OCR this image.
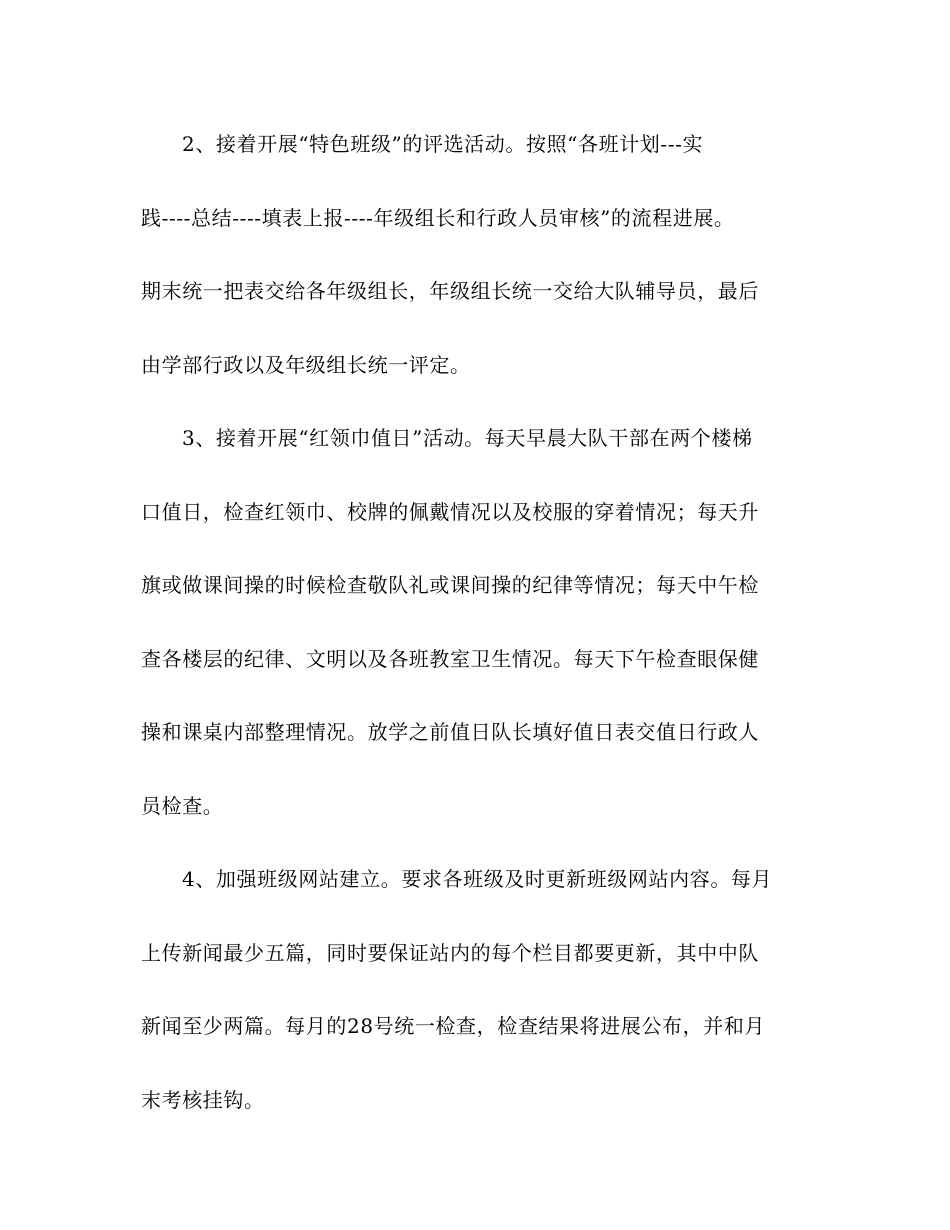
2、接着开展“特色班级”的评选活动。按照“各班计划---实
践----总结----填表上报----年级组长和行政人员审核”的流程进展。
期末统一把表交给各年级组长，年级组长统一交给大队辅导员，最后
由学部行政以及年级组长统一评定。
3、接着开展“红领巾值日”活动。每天早晨大队干部在两个楼梯
口值日，检查红领巾、校牌的佩戴情况以及校服的穿着情况；每天升
旗或做课间操的时候检查敬队礼或课间操的纪律等情况；每天中午检
查各楼层的纪律、文明以及各班教室卫生情况。每天下午检查眼保健
操和课桌内部整理情况。放学之前值日队长填好值日表交值日行政人
员检查。
4、加强班级网站建立。要求各班级及时更新班级网站内容。每月
上传新闻最少五篇，同时要保证站内的每个栏目都要更新，其中中队
新闻至少两篇。每月的28号统一检查，检查结果将进展公布，并和月
末考核挂钩。
